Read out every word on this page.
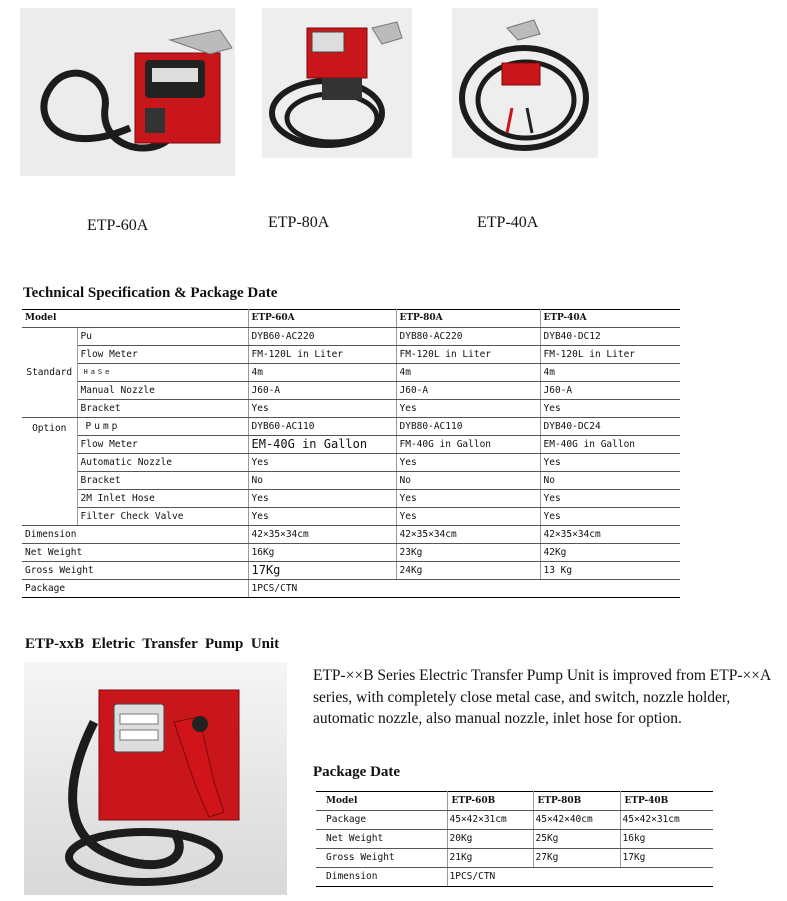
ETP-60A	ETP-80A	ETP-40A
Technical Specification & Package Date
Model		ETP-60A	ETP-80A	ETP-40A
Standard	Pu	DYB60-AC220	DYB80-AC220	DYB40-DC12
	Flow Meter	FM-120L in Liter	FM-120L in Liter	FM-120L in Liter
	HaSe	4m	4m	4m
	Manual Nozzle	J60-A	J60-A	J60-A
	Bracket	Yes	Yes	Yes
Option	Pump	DYB60-AC110	DYB80-AC110	DYB40-DC24
	Flow Meter	EM-40G in Gallon	FM-40G in Gallon	EM-40G in Gallon
	Automatic Nozzle	Yes	Yes	Yes
	Bracket	No	No	No
	2M Inlet Hose	Yes	Yes	Yes
	Filter Check Valve	Yes	Yes	Yes
Dimension		42×35×34cm	42×35×34cm	42×35×34cm
Net Weight		16Kg	23Kg	42Kg
Gross Weight		17Kg	24Kg	13 Kg
Package		1PCS/CTN		
ETP-xxB  Eletric  Transfer  Pump  Unit
ETP-××B Series Electric Transfer Pump Unit is improved from ETP-××A series, with completely close metal case, and switch, nozzle holder, automatic nozzle, also manual nozzle, inlet hose for option.
Package Date
Model	ETP-60B	ETP-80B	ETP-40B
Package	45×42×31cm	45×42×40cm	45×42×31cm
Net Weight	20Kg	25Kg	16kg
Gross Weight	21Kg	27Kg	17Kg
Dimension	1PCS/CTN		
